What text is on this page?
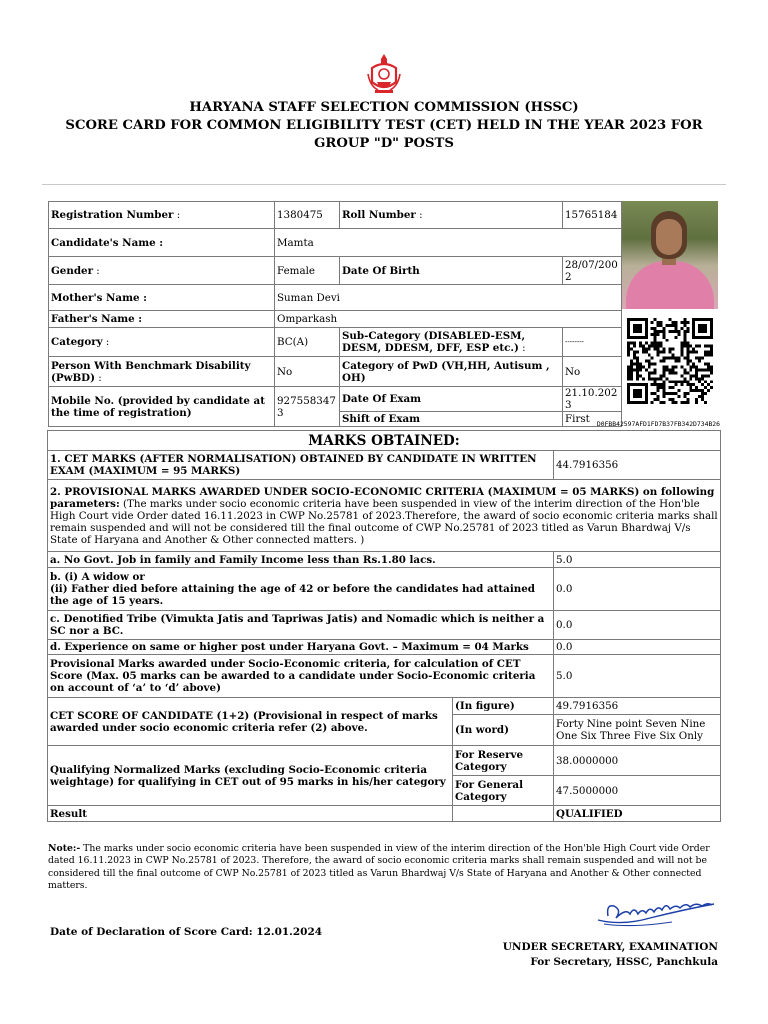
HARYANA STAFF SELECTION COMMISSION (HSSC)
SCORE CARD FOR COMMON ELIGIBILITY TEST (CET) HELD IN THE YEAR 2023 FOR
GROUP "D" POSTS
Registration Number :	1380475	Roll Number :	15765184
Candidate's Name :	Mamta		
Gender :	Female	Date Of Birth	28/07/2002
Mother's Name :	Suman Devi		
Father's Name :	Omparkash		
Category :	BC(A)	Sub-Category (DISABLED-ESM, DESM, DDESM, DFF, ESP etc.) :	--------
Person With Benchmark Disability (PwBD) :	No	Category of PwD (VH,HH, Autisum , OH)	No
Mobile No. (provided by candidate at the time of registration)	9275583473	Date Of Exam	21.10.2023
		Shift of Exam	First	D0FBB42597AFD1FD7B37FB342D734B26
MARKS OBTAINED:		
1. CET MARKS (AFTER NORMALISATION) OBTAINED BY CANDIDATE IN WRITTEN EXAM (MAXIMUM = 95 MARKS)		44.7916356
2. PROVISIONAL MARKS AWARDED UNDER SOCIO-ECONOMIC CRITERIA (MAXIMUM = 05 MARKS) on following parameters: (The marks under socio economic criteria have been suspended in view of the interim direction of the Hon'ble High Court vide Order dated 16.11.2023 in CWP No.25781 of 2023.Therefore, the award of socio economic criteria marks shall remain suspended and will not be considered till the final outcome of CWP No.25781 of 2023 titled as Varun Bhardwaj V/s State of Haryana and Another & Other connected matters. )		
a. No Govt. Job in family and Family Income less than Rs.1.80 lacs.		5.0

b. (i) A widow or
(ii) Father died before attaining the age of 42 or before the candidates had attained the age of 15 years.		0.0
c. Denotified Tribe (Vimukta Jatis and Tapriwas Jatis) and Nomadic which is neither a SC nor a BC.		0.0
d. Experience on same or higher post under Haryana Govt. – Maximum = 04 Marks		0.0
Provisional Marks awarded under Socio-Economic criteria, for calculation of CET Score (Max. 05 marks can be awarded to a candidate under Socio-Economic criteria on account of ‘a’ to ‘d’ above)		5.0
CET SCORE OF CANDIDATE (1+2) (Provisional in respect of marks awarded under socio economic criteria refer (2) above.	(In figure)	49.7916356
	(In word)	Forty Nine point Seven Nine One Six Three Five Six Only
Qualifying Normalized Marks (excluding Socio-Economic criteria weightage) for qualifying in CET out of 95 marks in his/her category	For Reserve Category	38.0000000
	For General Category	47.5000000
Result		QUALIFIED
Note:- The marks under socio economic criteria have been suspended in view of the interim direction of the Hon'ble High Court vide Order dated 16.11.2023 in CWP No.25781 of 2023. Therefore, the award of socio economic criteria marks shall remain suspended and will not be considered till the final outcome of CWP No.25781 of 2023 titled as Varun Bhardwaj V/s State of Haryana and Another & Other connected matters.
Date of Declaration of Score Card: 12.01.2024
UNDER SECRETARY, EXAMINATION
For Secretary, HSSC, Panchkula
